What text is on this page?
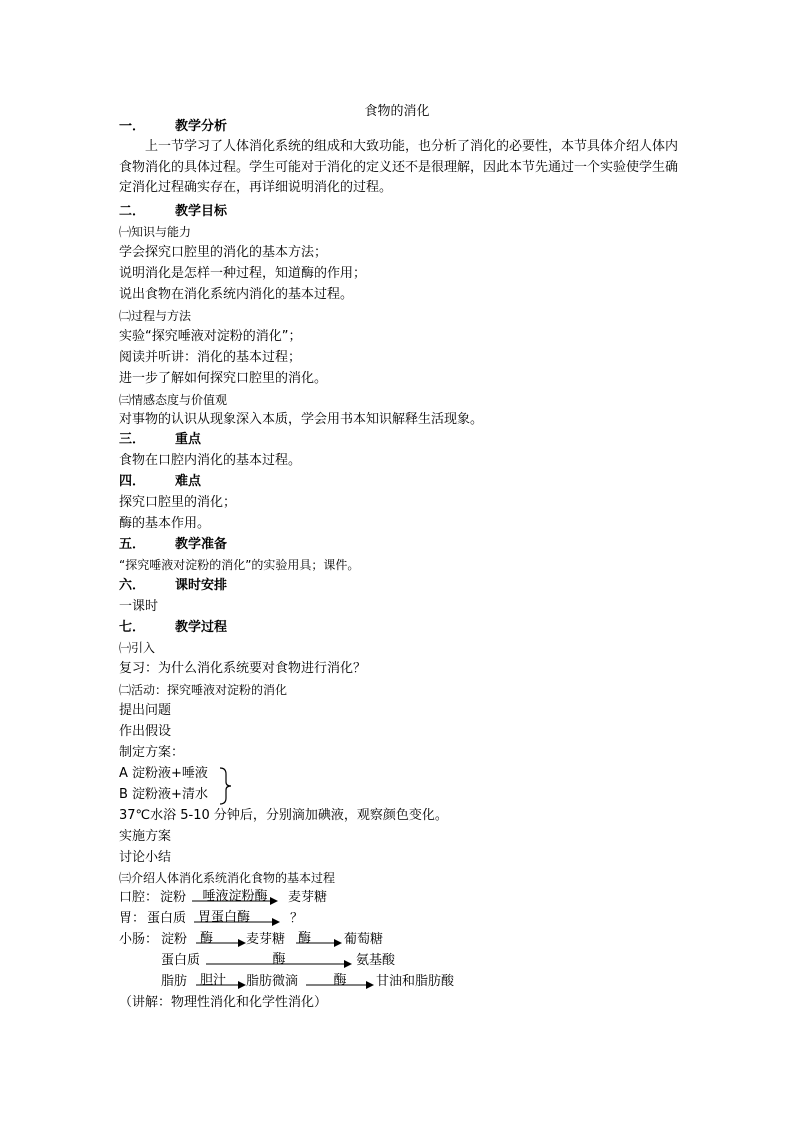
食物的消化
一． 教学分析
上一节学习了人体消化系统的组成和大致功能，也分析了消化的必要性，本节具体介绍人体内食物消化的具体过程。学生可能对于消化的定义还不是很理解，因此本节先通过一个实验使学生确定消化过程确实存在，再详细说明消化的过程。
二． 教学目标
㈠知识与能力
学会探究口腔里的消化的基本方法；
说明消化是怎样一种过程，知道酶的作用；
说出食物在消化系统内消化的基本过程。
㈡过程与方法
实验“探究唾液对淀粉的消化”；
阅读并听讲：消化的基本过程；
进一步了解如何探究口腔里的消化。
㈢情感态度与价值观
对事物的认识从现象深入本质，学会用书本知识解释生活现象。
三． 重点
食物在口腔内消化的基本过程。
四． 难点
探究口腔里的消化；
酶的基本作用。
五． 教学准备
“探究唾液对淀粉的消化”的实验用具；课件。
六． 课时安排
一课时
七． 教学过程
㈠引入
复习：为什么消化系统要对食物进行消化？
㈡活动：探究唾液对淀粉的消化
提出问题
作出假设
制定方案：
A 淀粉液+唾液
B 淀粉液+清水
37℃水浴 5-10 分钟后，分别滴加碘液，观察颜色变化。
实施方案
讨论小结
㈢介绍人体消化系统消化食物的基本过程
口腔： 淀粉	唾液淀粉酶	麦芽糖
胃： 蛋白质 胃蛋白酶	？
小肠： 淀粉 酶	麦芽糖 酶	葡萄糖
蛋白质	酶	氨基酸
脂肪 胆汁	脂肪微滴	酶	甘油和脂肪酸
（讲解：物理性消化和化学性消化）
